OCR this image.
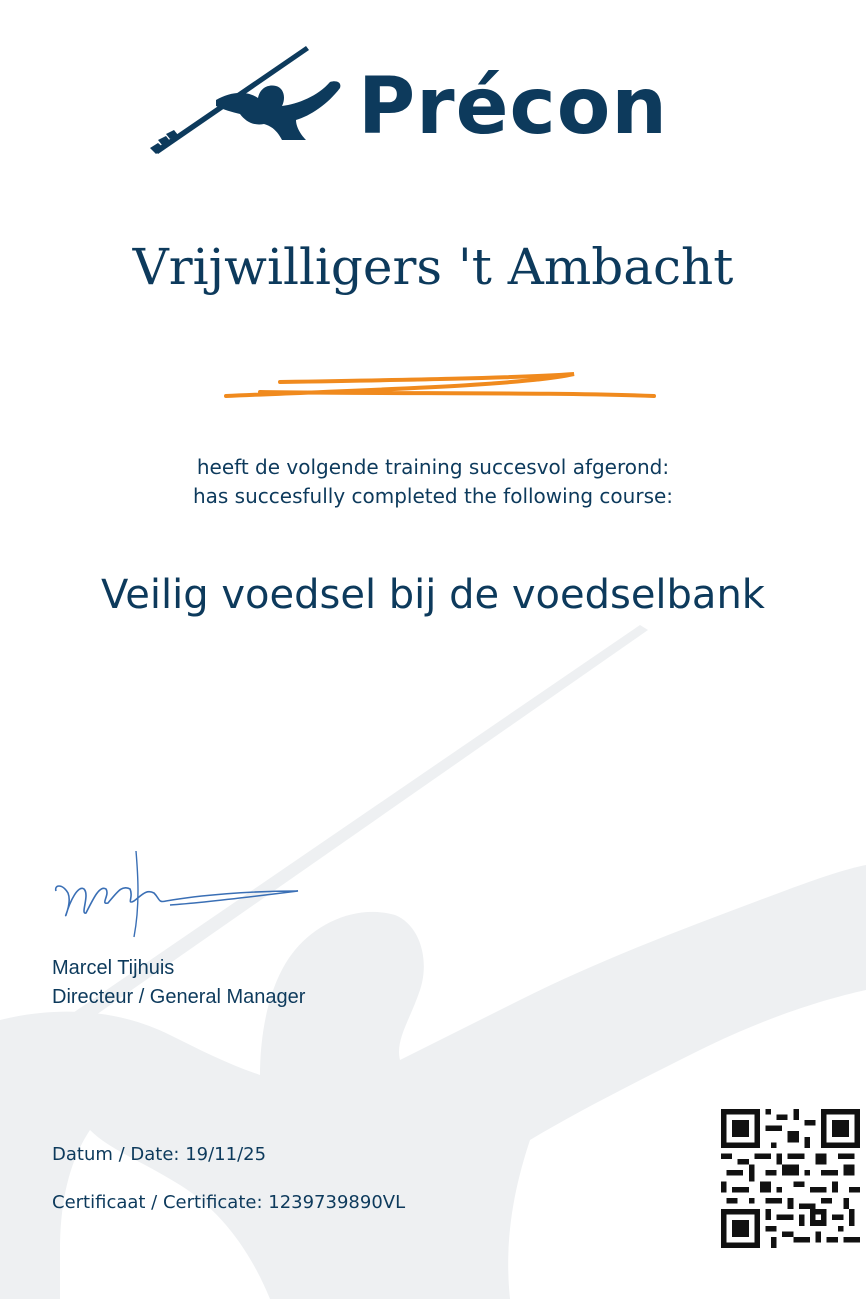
Précon
Vrijwilligers 't Ambacht
heeft de volgende training succesvol afgerond:
has succesfully completed the following course:
Veilig voedsel bij de voedselbank
Marcel Tijhuis
Directeur / General Manager
Datum / Date: 19/11/25
Certificaat / Certificate: 1239739890VL
